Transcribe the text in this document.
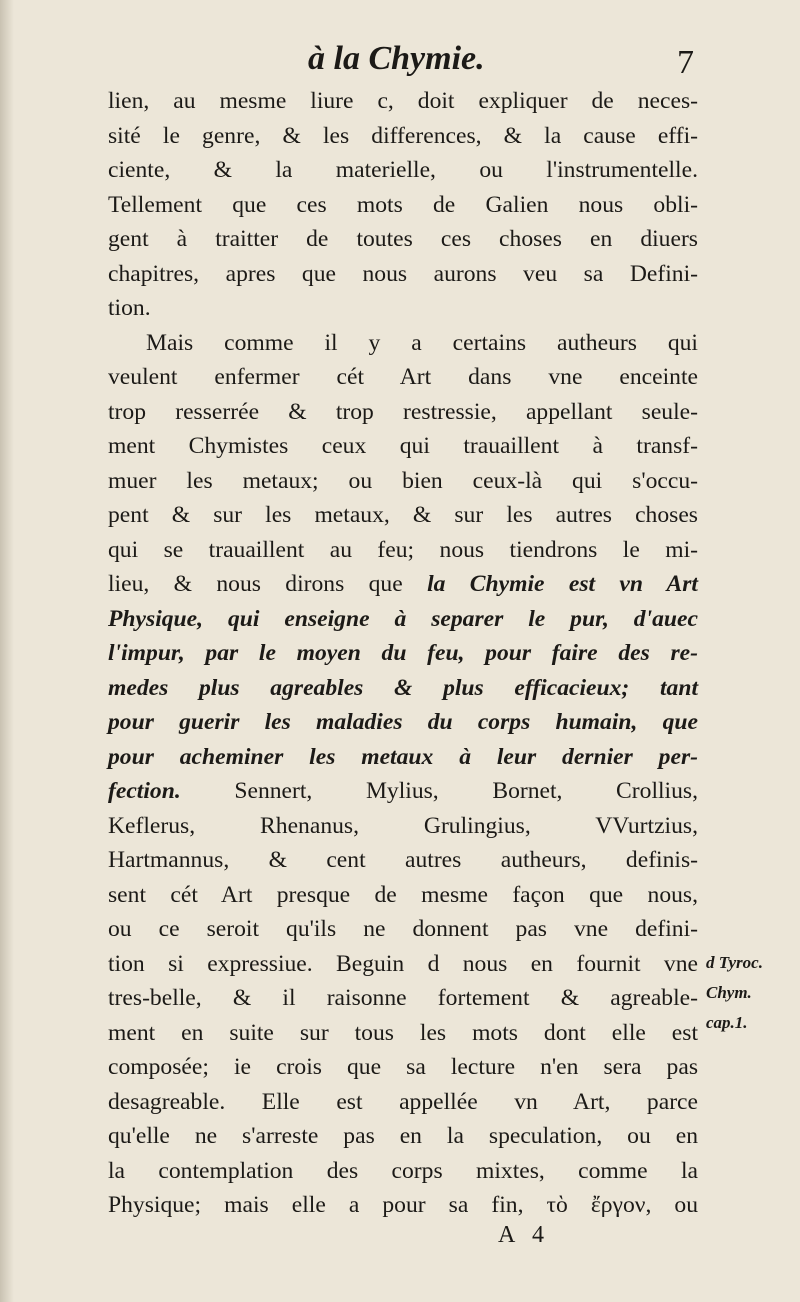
à la Chymie.	7
lien, au mesme liure c, doit expliquer de neces-
sité le genre, & les differences, & la cause effi-
ciente, & la materielle, ou l'instrumentelle.
Tellement que ces mots de Galien nous obli-
gent à traitter de toutes ces choses en diuers
chapitres, apres que nous aurons veu sa Defini-
tion.
Mais comme il y a certains autheurs qui
veulent enfermer cét Art dans vne enceinte
trop resserrée & trop restressie, appellant seule-
ment Chymistes ceux qui trauaillent à transf-
muer les metaux; ou bien ceux-là qui s'occu-
pent & sur les metaux, & sur les autres choses
qui se trauaillent au feu; nous tiendrons le mi-
lieu, & nous dirons que la Chymie est vn Art
Physique, qui enseigne à separer le pur, d'auec
l'impur, par le moyen du feu, pour faire des re-
medes plus agreables & plus efficacieux; tant
pour guerir les maladies du corps humain, que
pour acheminer les metaux à leur dernier per-
fection. Sennert, Mylius, Bornet, Crollius,
Keflerus, Rhenanus, Grulingius, VVurtzius,
Hartmannus, & cent autres autheurs, definis-
sent cét Art presque de mesme façon que nous,
ou ce seroit qu'ils ne donnent pas vne defini-
tion si expressiue. Beguin d nous en fournit vne
tres-belle, & il raisonne fortement & agreable-
ment en suite sur tous les mots dont elle est
composée; ie crois que sa lecture n'en sera pas
desagreable. Elle est appellée vn Art, parce
qu'elle ne s'arreste pas en la speculation, ou en
la contemplation des corps mixtes, comme la
Physique; mais elle a pour sa fin, τὸ ἔργον, ou
d Tyroc.
Chym.
cap.1.
A 4
